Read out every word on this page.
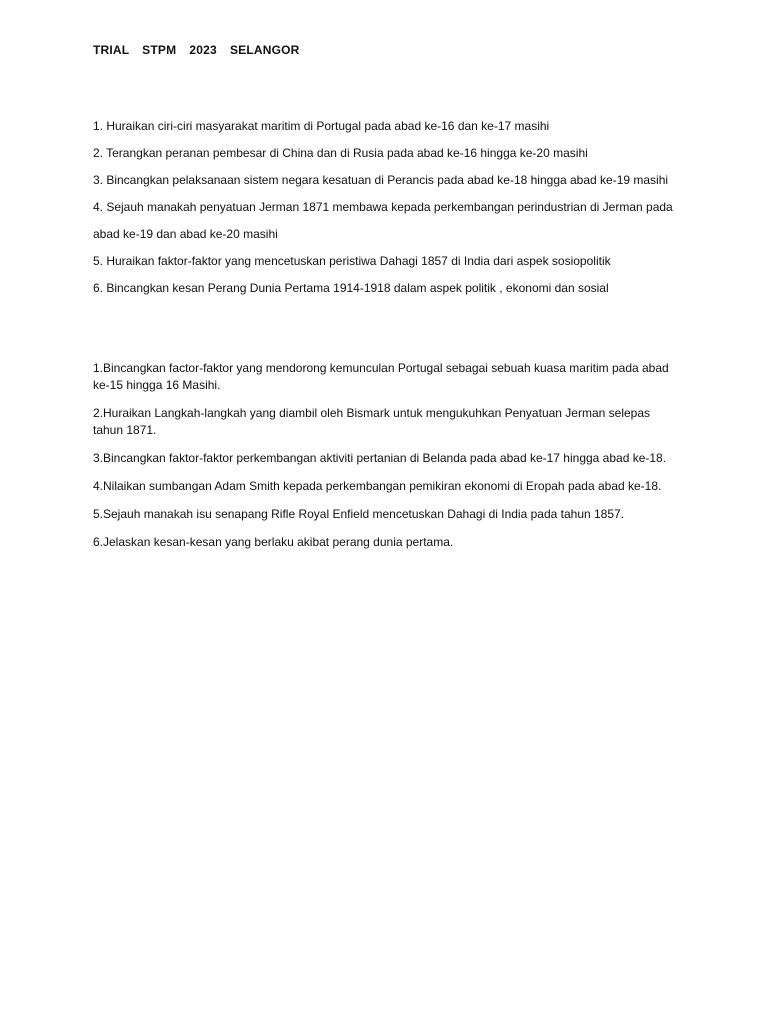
TRIAL  STPM  2023  SELANGOR
1. Huraikan ciri-ciri masyarakat maritim di Portugal pada abad ke-16 dan ke-17 masihi
2. Terangkan peranan pembesar di China dan di Rusia pada abad ke-16 hingga ke-20 masihi
3. Bincangkan pelaksanaan sistem negara kesatuan di Perancis pada abad ke-18 hingga abad ke-19 masihi
4. Sejauh manakah penyatuan Jerman 1871 membawa kepada perkembangan perindustrian di Jerman pada abad ke-19 dan abad ke-20 masihi
5. Huraikan faktor-faktor yang mencetuskan peristiwa Dahagi 1857 di India dari aspek sosiopolitik
6. Bincangkan kesan Perang Dunia Pertama 1914-1918 dalam aspek politik , ekonomi dan sosial
1.Bincangkan factor-faktor yang mendorong kemunculan Portugal sebagai sebuah kuasa maritim pada abad ke-15 hingga 16 Masihi.
2.Huraikan Langkah-langkah yang diambil oleh Bismark untuk mengukuhkan Penyatuan Jerman selepas tahun 1871.
3.Bincangkan faktor-faktor perkembangan aktiviti pertanian di Belanda pada abad ke-17 hingga abad ke-18.
4.Nilaikan sumbangan Adam Smith kepada perkembangan pemikiran ekonomi di Eropah pada abad ke-18.
5.Sejauh manakah isu senapang Rifle Royal Enfield mencetuskan Dahagi di India pada tahun 1857.
6.Jelaskan kesan-kesan yang berlaku akibat perang dunia pertama.
